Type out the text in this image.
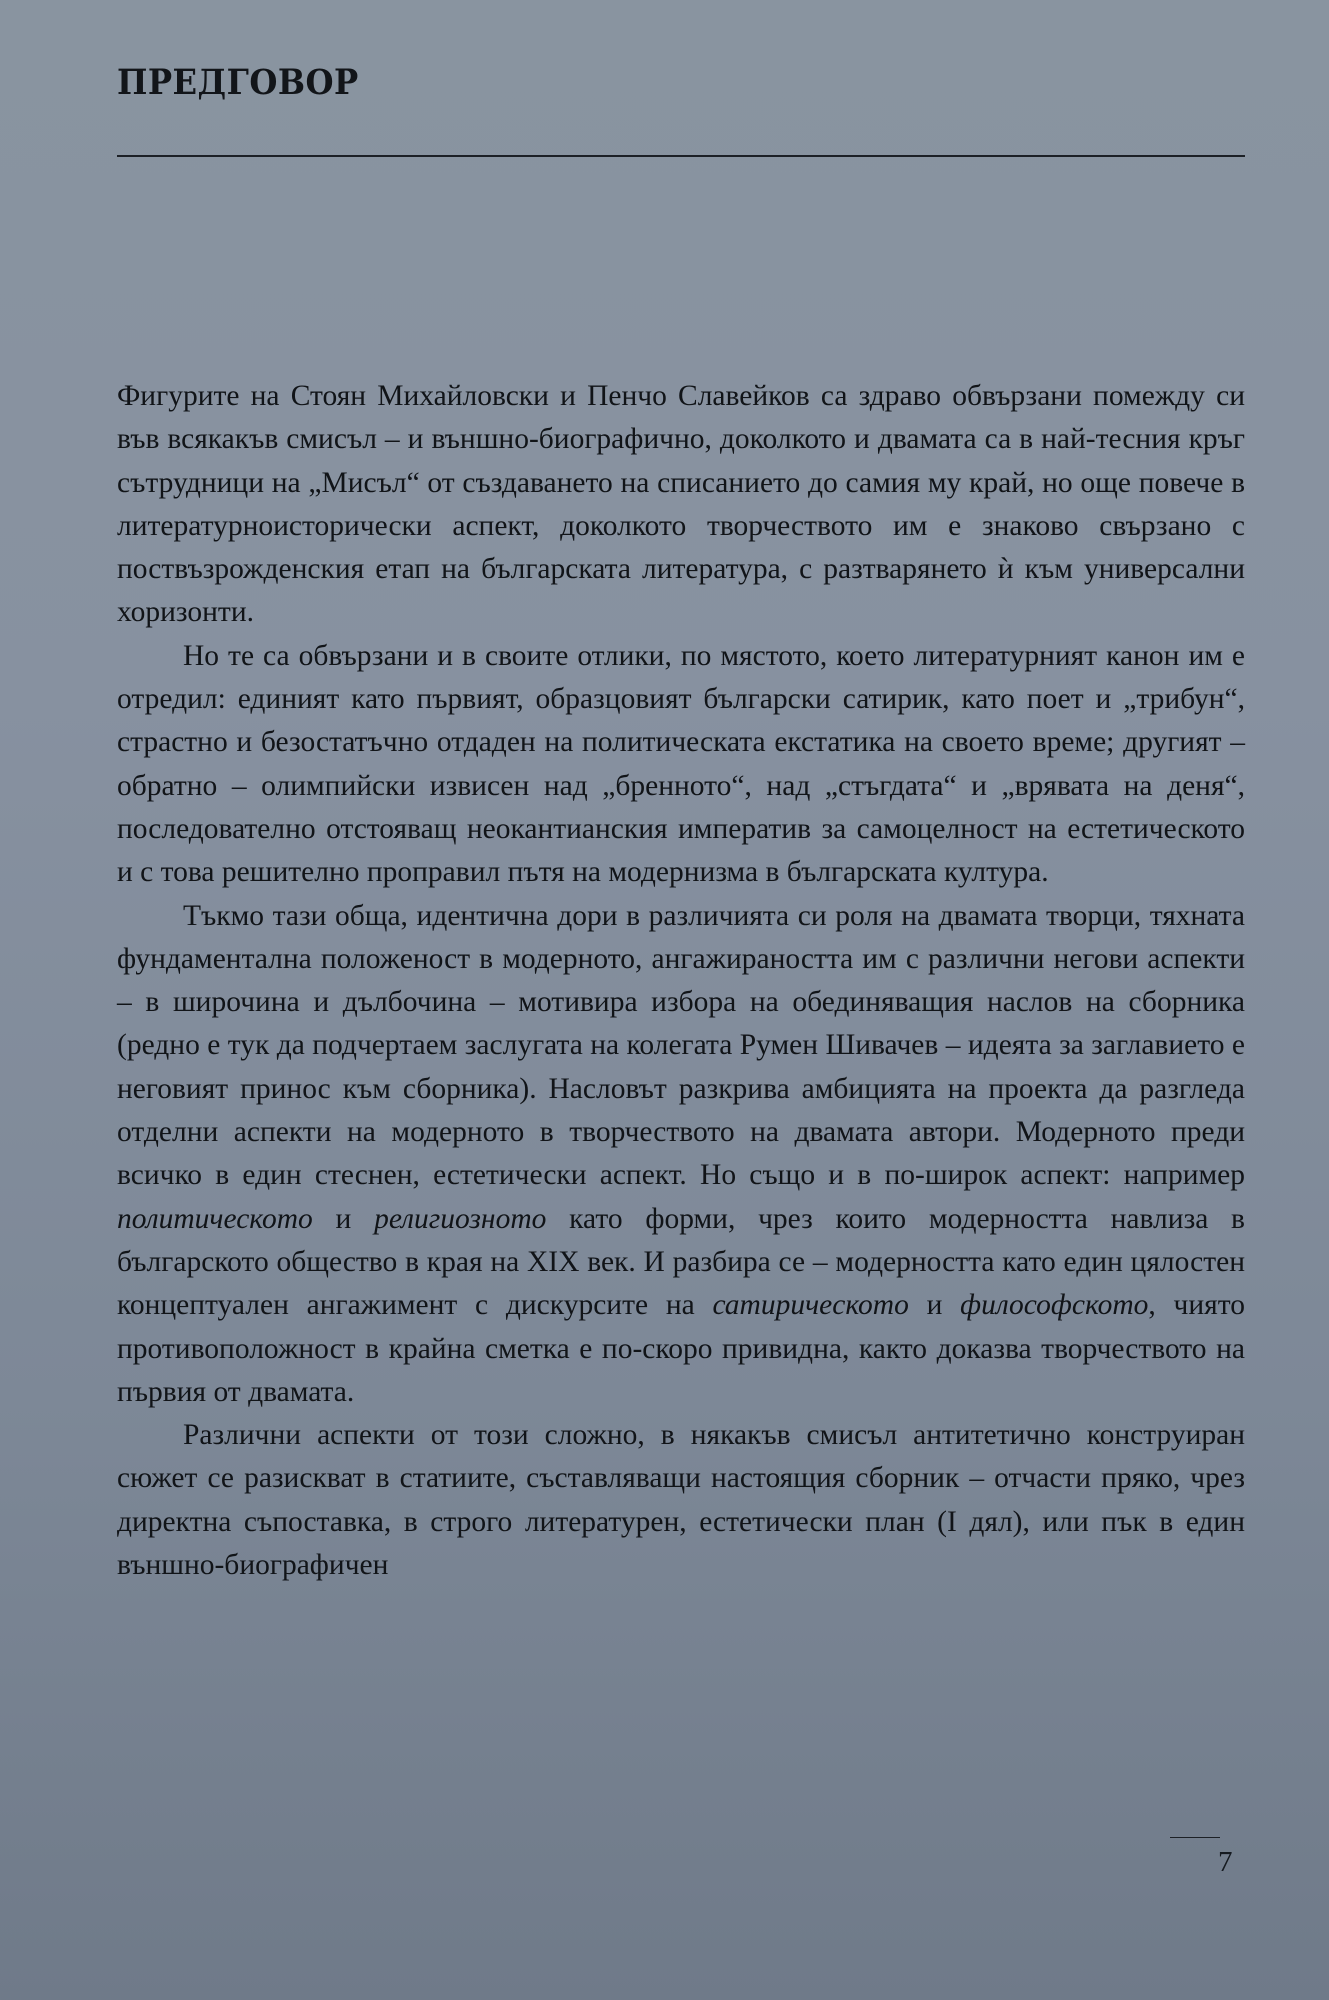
ПРЕДГОВОР

Фигурите на Стоян Михайловски и Пенчо Славейков са здраво обвързани помежду си във всякакъв смисъл – и външно-биографично, доколкото и двамата са в най-тесния кръг сътрудници на „Мисъл“ от създаването на списанието до самия му край, но още повече в литературноисторически аспект, доколкото творчеството им е знаково свързано с поствъзрожденския етап на българската литература, с разтварянето ѝ към универсални хоризонти.

Но те са обвързани и в своите отлики, по мястото, което литературният канон им е отредил: единият като първият, образцовият български сатирик, като поет и „трибун“, страстно и безостатъчно отдаден на политическата екстатика на своето време; другият – обратно – олимпийски извисен над „бренното“, над „стъгдата“ и „врявата на деня“, последователно отстояващ неокантианския императив за самоцелност на естетическото и с това решително проправил пътя на модернизма в българската култура.

Тъкмо тази обща, идентична дори в различията си роля на двамата творци, тяхната фундаментална положеност в модерното, ангажираността им с различни негови аспекти – в широчина и дълбочина – мотивира избора на обединяващия наслов на сборника (редно е тук да подчертаем заслугата на колегата Румен Шивачев – идеята за заглавието е неговият принос към сборника). Насловът разкрива амбицията на проекта да разгледа отделни аспекти на модерното в творчеството на двамата автори. Модерното преди всичко в един стеснен, естетически аспект. Но също и в по-широк аспект: например политическото и религиозното като форми, чрез които модерността навлиза в българското общество в края на XIX век. И разбира се – модерността като един цялостен концептуален ангажимент с дискурсите на сатиричеcкото и философското, чиято противоположност в крайна сметка е по-скоро привидна, както доказва творчеството на първия от двамата.

Различни аспекти от този сложно, в някакъв смисъл антитетично конструиран сюжет се разискват в статиите, съставляващи настоящия сборник – отчасти пряко, чрез директна съпоставка, в строго литературен, естетически план (I дял), или пък в един външно-биографичен

7
